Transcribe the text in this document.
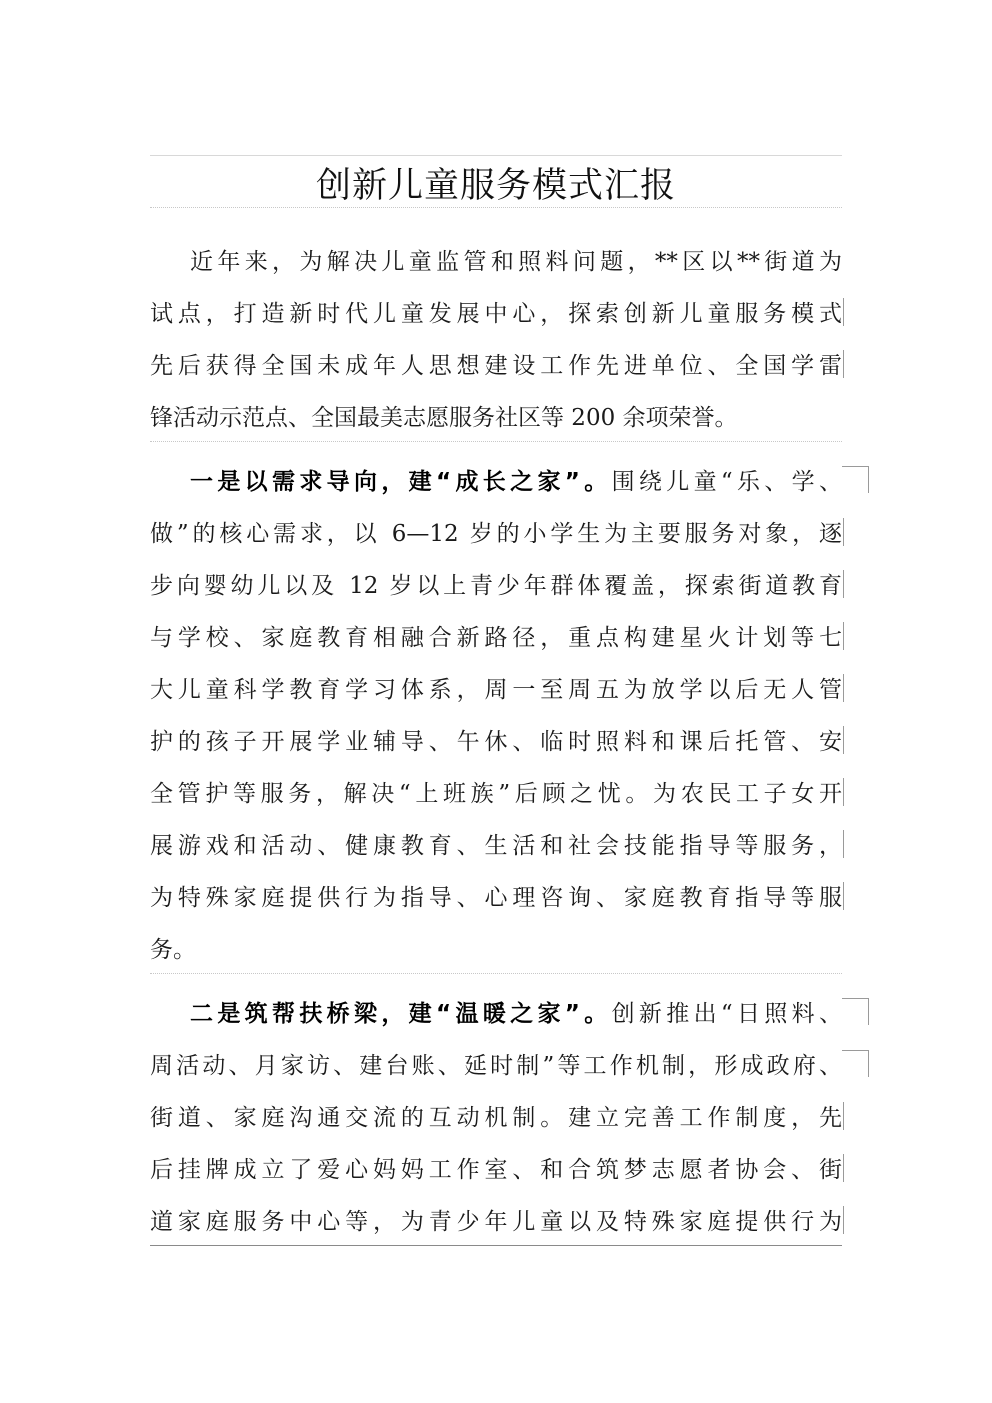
创新儿童服务模式汇报
近年来，为解决儿童监管和照料问题，**区以**街道为
试点，打造新时代儿童发展中心，探索创新儿童服务模式
先后获得全国未成年人思想建设工作先进单位、全国学雷
锋活动示范点、全国最美志愿服务社区等 200 余项荣誉。
一是以需求导向，建“成长之家”。围绕儿童“乐、学、
做”的核心需求，以 6—12 岁的小学生为主要服务对象，逐
步向婴幼儿以及 12 岁以上青少年群体覆盖，探索街道教育
与学校、家庭教育相融合新路径，重点构建星火计划等七
大儿童科学教育学习体系，周一至周五为放学以后无人管
护的孩子开展学业辅导、午休、临时照料和课后托管、安
全管护等服务，解决“上班族”后顾之忧。为农民工子女开
展游戏和活动、健康教育、生活和社会技能指导等服务，
为特殊家庭提供行为指导、心理咨询、家庭教育指导等服
务。
二是筑帮扶桥梁，建“温暖之家”。创新推出“日照料、
周活动、月家访、建台账、延时制”等工作机制，形成政府、
街道、家庭沟通交流的互动机制。建立完善工作制度，先
后挂牌成立了爱心妈妈工作室、和合筑梦志愿者协会、街
道家庭服务中心等，为青少年儿童以及特殊家庭提供行为
